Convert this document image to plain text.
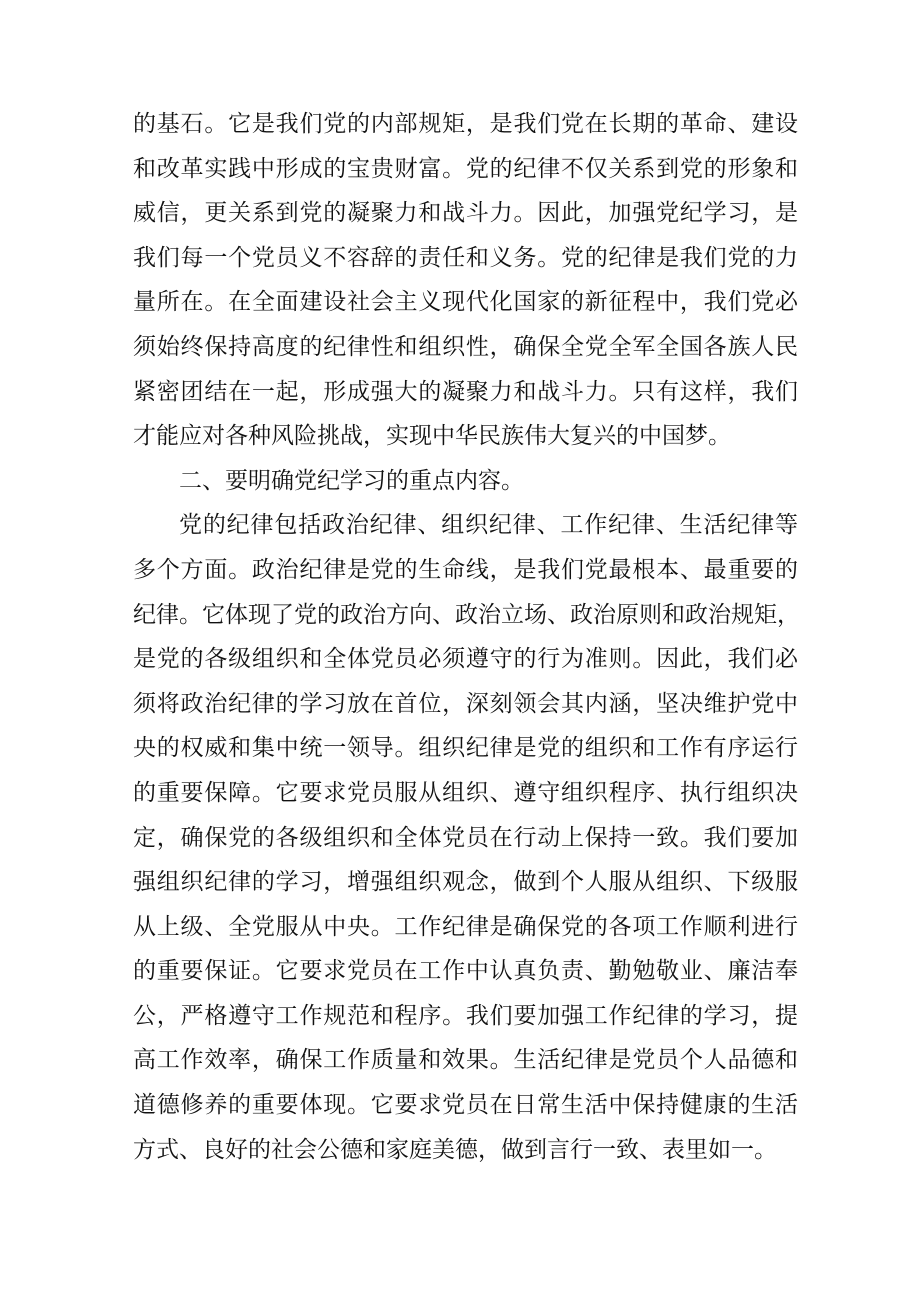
的基石。它是我们党的内部规矩，是我们党在长期的革命、建设
和改革实践中形成的宝贵财富。党的纪律不仅关系到党的形象和
威信，更关系到党的凝聚力和战斗力。因此，加强党纪学习，是
我们每一个党员义不容辞的责任和义务。党的纪律是我们党的力
量所在。在全面建设社会主义现代化国家的新征程中，我们党必
须始终保持高度的纪律性和组织性，确保全党全军全国各族人民
紧密团结在一起，形成强大的凝聚力和战斗力。只有这样，我们
才能应对各种风险挑战，实现中华民族伟大复兴的中国梦。
二、要明确党纪学习的重点内容。
党的纪律包括政治纪律、组织纪律、工作纪律、生活纪律等
多个方面。政治纪律是党的生命线，是我们党最根本、最重要的
纪律。它体现了党的政治方向、政治立场、政治原则和政治规矩，
是党的各级组织和全体党员必须遵守的行为准则。因此，我们必
须将政治纪律的学习放在首位，深刻领会其内涵，坚决维护党中
央的权威和集中统一领导。组织纪律是党的组织和工作有序运行
的重要保障。它要求党员服从组织、遵守组织程序、执行组织决
定，确保党的各级组织和全体党员在行动上保持一致。我们要加
强组织纪律的学习，增强组织观念，做到个人服从组织、下级服
从上级、全党服从中央。工作纪律是确保党的各项工作顺利进行
的重要保证。它要求党员在工作中认真负责、勤勉敬业、廉洁奉
公，严格遵守工作规范和程序。我们要加强工作纪律的学习，提
高工作效率，确保工作质量和效果。生活纪律是党员个人品德和
道德修养的重要体现。它要求党员在日常生活中保持健康的生活
方式、良好的社会公德和家庭美德，做到言行一致、表里如一。
